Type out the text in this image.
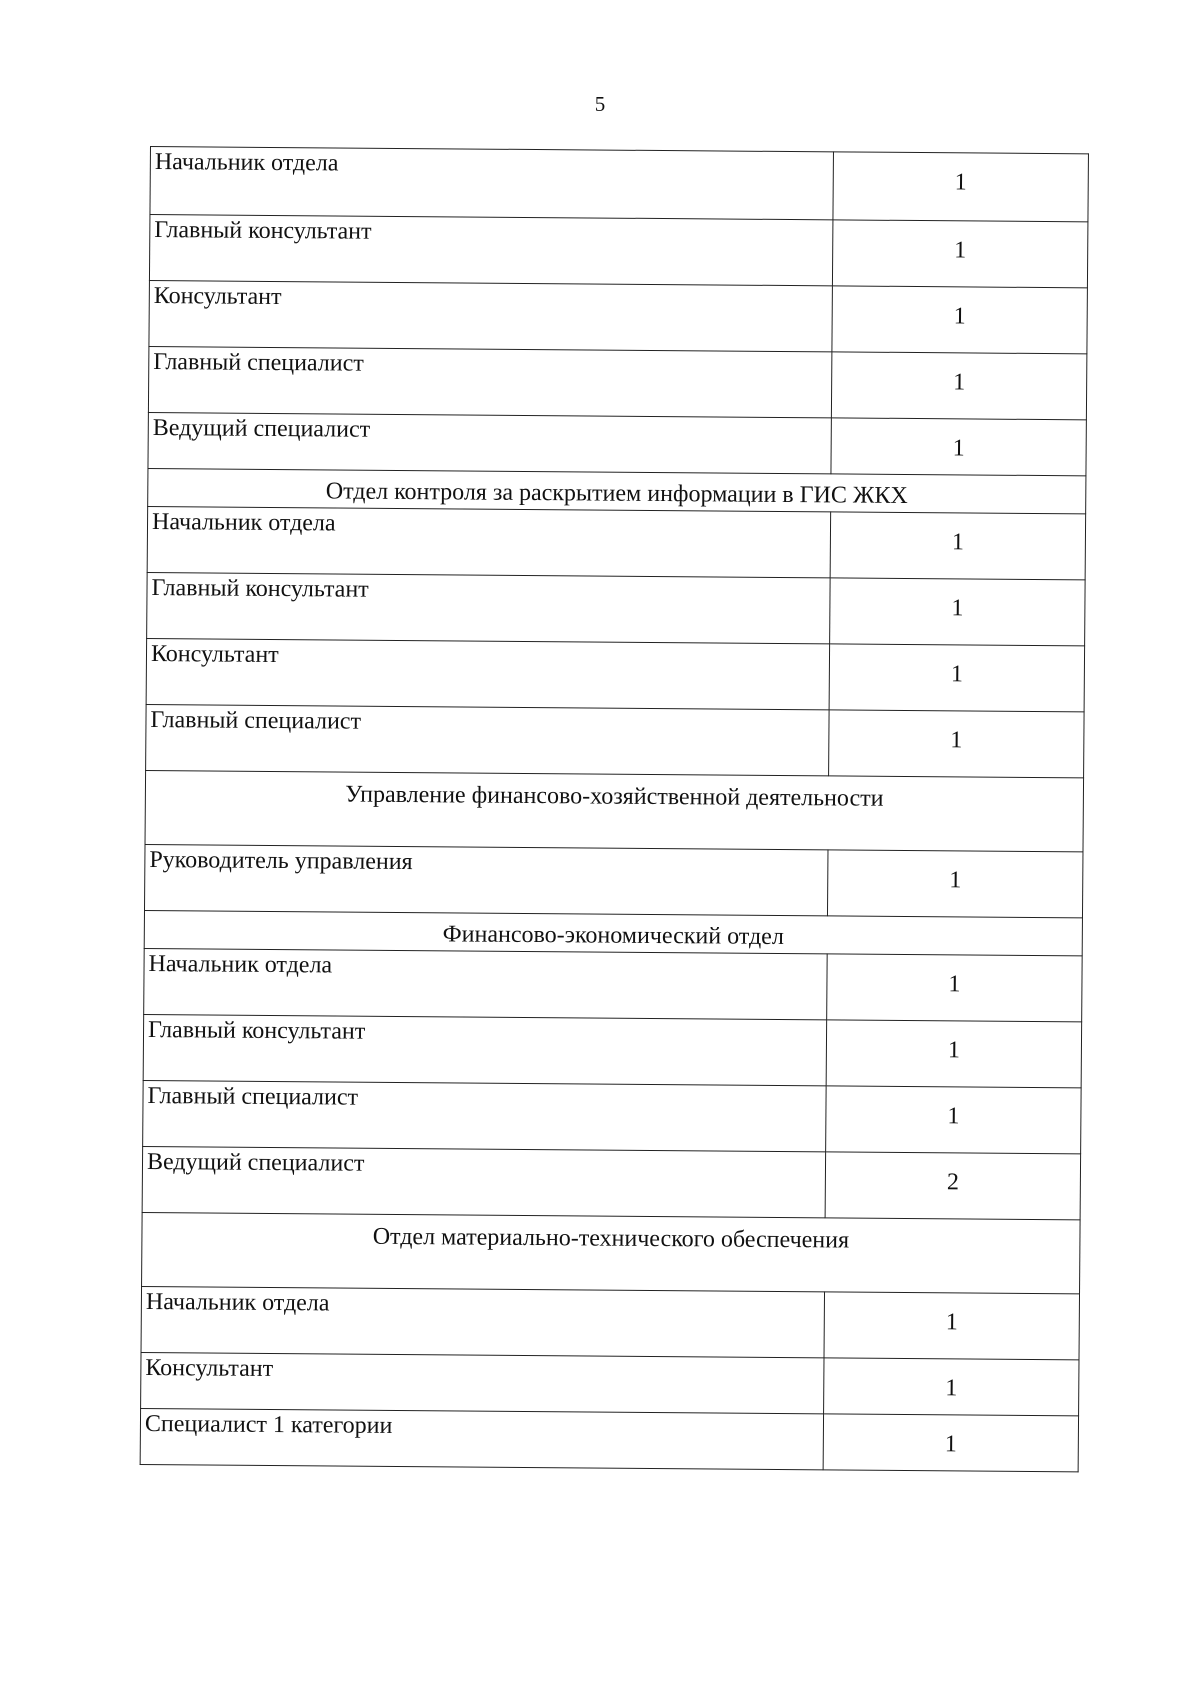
5
Начальник отдела	1
Главный консультант	1
Консультант	1
Главный специалист	1
Ведущий специалист	1
Отдел контроля за раскрытием информации в ГИС ЖКХ	
Начальник отдела	1
Главный консультант	1
Консультант	1
Главный специалист	1
Управление финансово-хозяйственной деятельности	
Руководитель управления	1
Финансово-экономический отдел	
Начальник отдела	1
Главный консультант	1
Главный специалист	1
Ведущий специалист	2
Отдел материально-технического обеспечения	
Начальник отдела	1
Консультант	1
Специалист 1 категории	1
